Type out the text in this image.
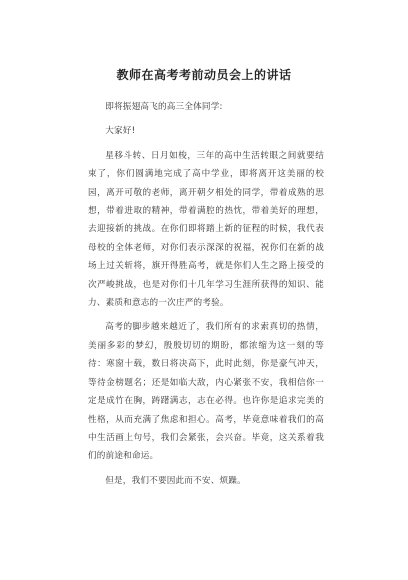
教师在高考考前动员会上的讲话

即将振翅高飞的高三全体同学:

大家好!

星移斗转、日月如梭，三年的高中生活转眼之间就要结束了，你们圆满地完成了高中学业，即将离开这美丽的校园，离开可敬的老师，离开朝夕相处的同学，带着成熟的思想，带着进取的精神，带着满腔的热忱，带着美好的理想，去迎接新的挑战。在你们即将踏上新的征程的时候，我代表母校的全体老师，对你们表示深深的祝福，祝你们在新的战场上过关斩将，旗开得胜高考，就是你们人生之路上接受的次严峻挑战，也是对你们十几年学习生涯所获得的知识、能力、素质和意志的一次庄严的考验。

高考的脚步越来越近了，我们所有的求索真切的热情，美丽多彩的梦幻，殷殷切切的期盼，都浓缩为这一刻的等待：寒窗十载，数日将决高下，此时此刻，你是豪气冲天，等待金榜题名；还是如临大敌，内心紧张不安，我相信你一定是成竹在胸，踌躇满志，志在必得。也许你是追求完美的性格，从而充满了焦虑和担心。高考，毕竟意味着我们的高中生活画上句号，我们会紧张，会兴奋。毕竟，这关系着我们的前途和命运。

但是，我们不要因此而不安、烦躁。
